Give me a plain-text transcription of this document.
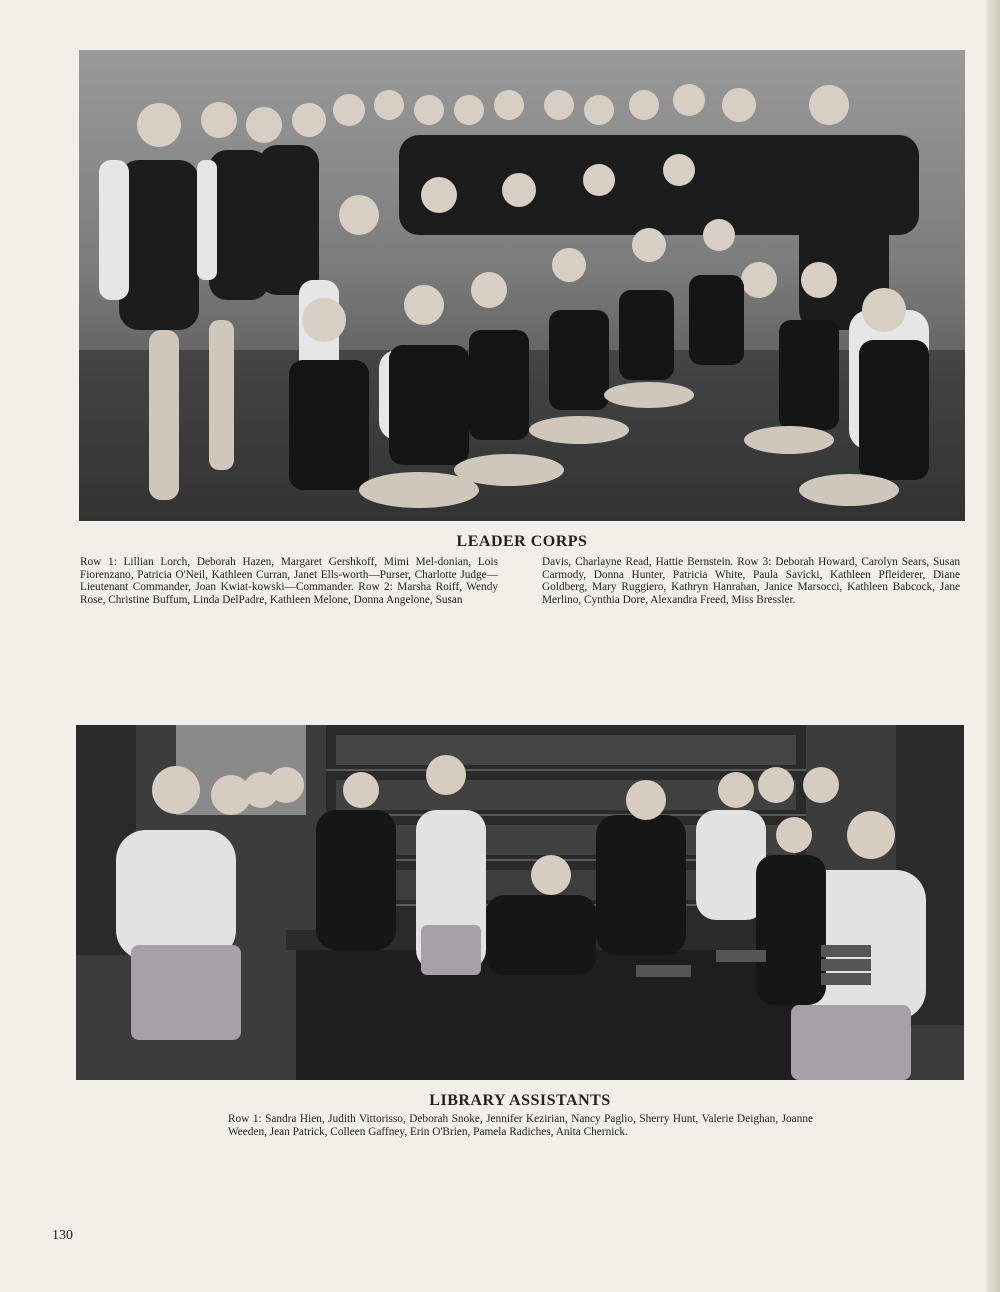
LEADER CORPS

Row 1: Lillian Lorch, Deborah Hazen, Margaret Gershkoff, Mimi Mel-donian, Lois Fiorenzano, Patricia O'Neil, Kathleen Curran, Janet Ells-worth—Purser, Charlotte Judge—Lieutenant Commander, Joan Kwiat-kowski—Commander. Row 2: Marsha Roiff, Wendy Rose, Christine Buffum, Linda DelPadre, Kathleen Melone, Donna Angelone, Susan

Davis, Charlayne Read, Hattie Bernstein. Row 3: Deborah Howard, Carolyn Sears, Susan Carmody, Donna Hunter, Patricia White, Paula Savicki, Kathleen Pfleiderer, Diane Goldberg, Mary Ruggiero, Kathryn Hanrahan, Janice Marsocci, Kathleen Babcock, Jane Merlino, Cynthia Dore, Alexandra Freed, Miss Bressler.

LIBRARY ASSISTANTS

Row 1: Sandra Hien, Judith Vittorisso, Deborah Snoke, Jennifer Kezirian, Nancy Paglio, Sherry Hunt, Valerie Deighan, Joanne Weeden, Jean Patrick, Colleen Gaffney, Erin O'Brien, Pamela Radiches, Anita Chernick.

130
